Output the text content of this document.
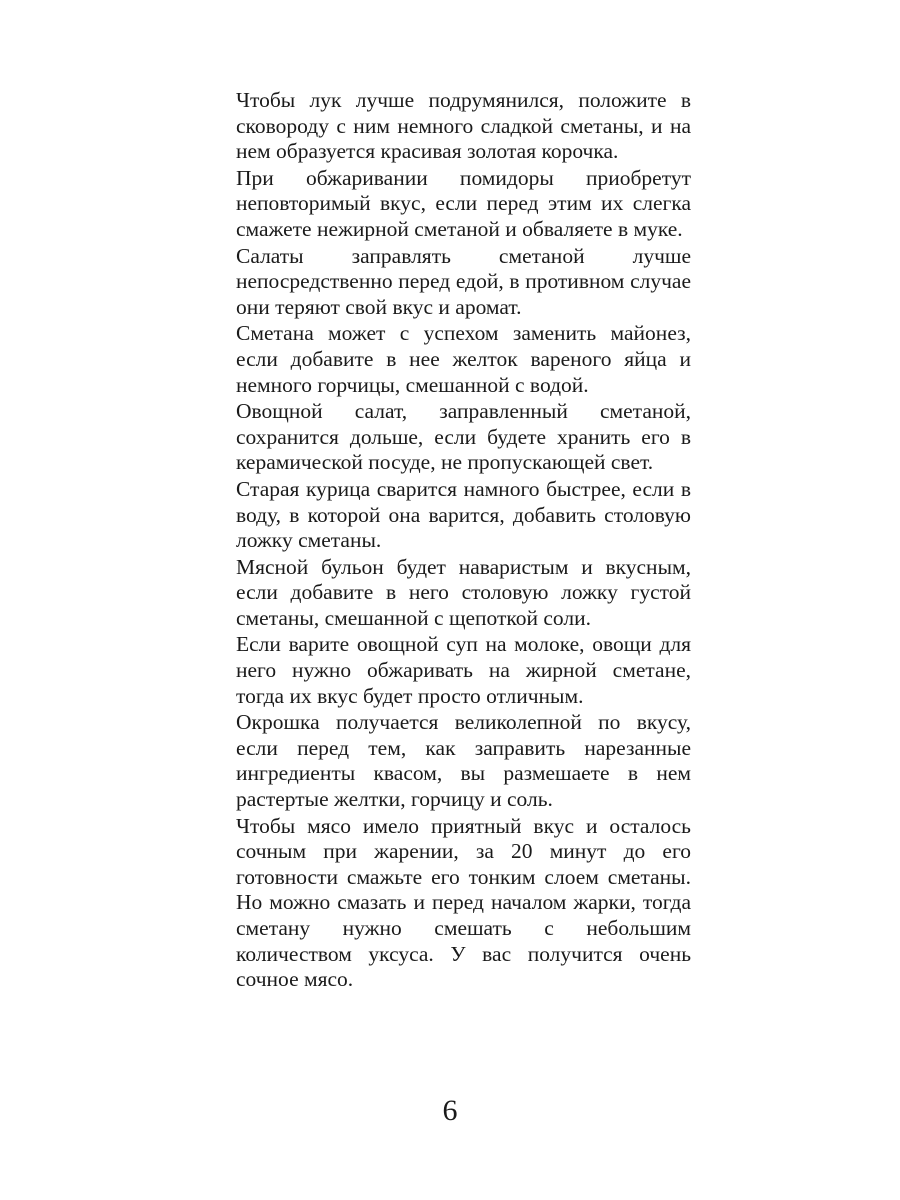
Чтобы лук лучше подрумянился, положите в сковороду с ним немного сладкой сметаны, и на нем образуется красивая золотая корочка.

При обжаривании помидоры приобретут неповторимый вкус, если перед этим их слегка смажете нежирной сметаной и обваляете в муке.

Салаты заправлять сметаной лучше непосредственно перед едой, в противном случае они теряют свой вкус и аромат.

Сметана может с успехом заменить майонез, если добавите в нее желток вареного яйца и немного горчицы, смешанной с водой.

Овощной салат, заправленный сметаной, сохранится дольше, если будете хранить его в керамической посуде, не пропускающей свет.

Старая курица сварится намного быстрее, если в воду, в которой она варится, добавить столовую ложку сметаны.

Мясной бульон будет наваристым и вкусным, если добавите в него столовую ложку густой сметаны, смешанной с щепоткой соли.

Если варите овощной суп на молоке, овощи для него нужно обжаривать на жирной сметане, тогда их вкус будет просто отличным.

Окрошка получается великолепной по вкусу, если перед тем, как заправить нарезанные ингредиенты квасом, вы размешаете в нем растертые желтки, горчицу и соль.

Чтобы мясо имело приятный вкус и осталось сочным при жарении, за 20 минут до его готовности смажьте его тонким слоем сметаны. Но можно смазать и перед началом жарки, тогда сметану нужно смешать с небольшим количеством уксуса. У вас получится очень сочное мясо.

6
